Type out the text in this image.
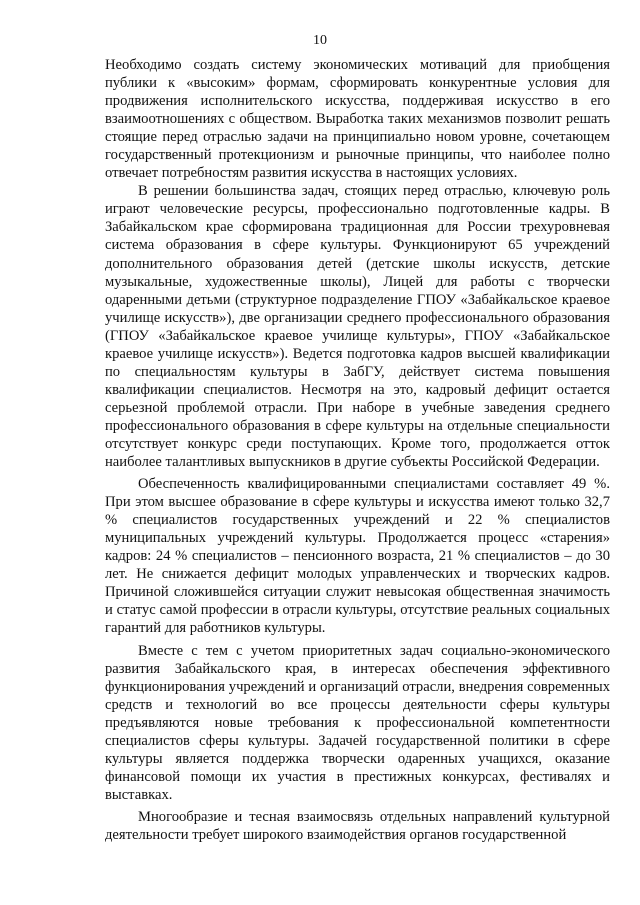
10

Необходимо создать систему экономических мотиваций для приобщения публики к «высоким» формам, сформировать конкурентные условия для продвижения исполнительского искусства, поддерживая искусство в его взаимоотношениях с обществом. Выработка таких механизмов позволит решать стоящие перед отраслью задачи на принципиально новом уровне, сочетающем государственный протекционизм и рыночные принципы, что наиболее полно отвечает потребностям развития искусства в настоящих условиях.

В решении большинства задач, стоящих перед отраслью, ключевую роль играют человеческие ресурсы, профессионально подготовленные кадры. В Забайкальском крае сформирована традиционная для России трехуровневая система образования в сфере культуры. Функционируют 65 учреждений дополнительного образования детей (детские школы искусств, детские музыкальные, художественные школы), Лицей для работы с творчески одаренными детьми (структурное подразделение ГПОУ «Забайкальское краевое училище искусств»), две организации среднего профессионального образования (ГПОУ «Забайкальское краевое училище культуры», ГПОУ «Забайкальское краевое училище искусств»). Ведется подготовка кадров высшей квалификации по специальностям культуры в ЗабГУ, действует система повышения квалификации специалистов. Несмотря на это, кадровый дефицит остается серьезной проблемой отрасли. При наборе в учебные заведения среднего профессионального образования в сфере культуры на отдельные специальности отсутствует конкурс среди поступающих. Кроме того, продолжается отток наиболее талантливых выпускников в другие субъекты Российской Федерации.

Обеспеченность квалифицированными специалистами составляет 49 %. При этом высшее образование в сфере культуры и искусства имеют только 32,7 % специалистов государственных учреждений и 22 % специалистов муниципальных учреждений культуры. Продолжается процесс «старения» кадров: 24 % специалистов – пенсионного возраста, 21 % специалистов – до 30 лет. Не снижается дефицит молодых управленческих и творческих кадров. Причиной сложившейся ситуации служит невысокая общественная значимость и статус самой профессии в отрасли культуры, отсутствие реальных социальных гарантий для работников культуры.

Вместе с тем с учетом приоритетных задач социально-экономического развития Забайкальского края, в интересах обеспечения эффективного функционирования учреждений и организаций отрасли, внедрения современных средств и технологий во все процессы деятельности сферы культуры предъявляются новые требования к профессиональной компетентности специалистов сферы культуры. Задачей государственной политики в сфере культуры является поддержка творчески одаренных учащихся, оказание финансовой помощи их участия в престижных конкурсах, фестивалях и выставках.

Многообразие и тесная взаимосвязь отдельных направлений культурной деятельности требует широкого взаимодействия органов государственной
